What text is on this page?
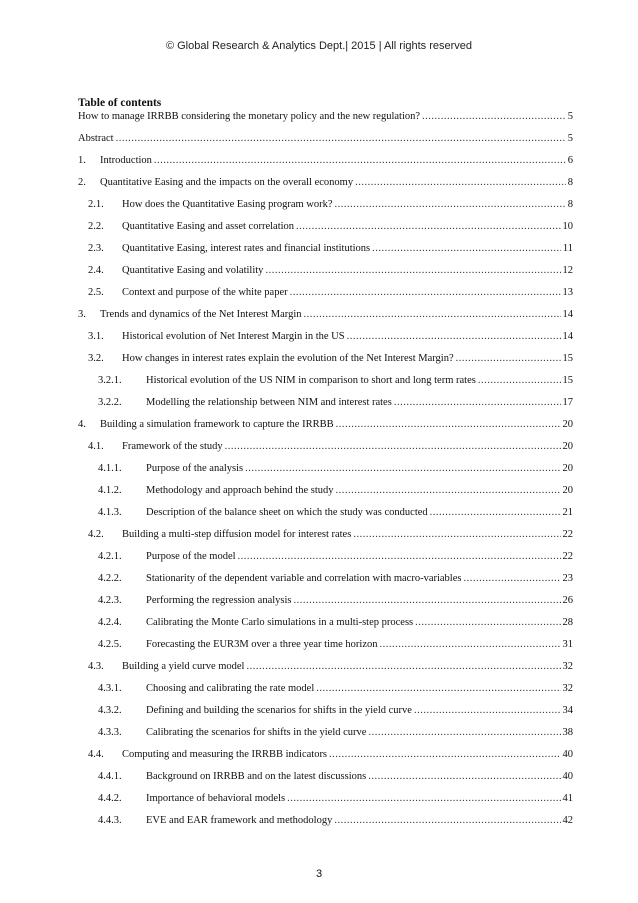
© Global Research & Analytics Dept.| 2015 | All rights reserved
Table of contents
How to manage IRRBB considering the monetary policy and the new regulation? .....	5
Abstract .....	5
1.	Introduction .....	6
2.	Quantitative Easing and the impacts on the overall economy .....	8
2.1.	How does the Quantitative Easing program work? .....	8
2.2.	Quantitative Easing and asset correlation .....	10
2.3.	Quantitative Easing, interest rates and financial institutions .....	11
2.4.	Quantitative Easing and volatility .....	12
2.5.	Context and purpose of the white paper .....	13
3.	Trends and dynamics of the Net Interest Margin .....	14
3.1.	Historical evolution of Net Interest Margin in the US .....	14
3.2.	How changes in interest rates explain the evolution of the Net Interest Margin? .....	15
3.2.1.	Historical evolution of the US NIM in comparison to short and long term rates .....	15
3.2.2.	Modelling the relationship between NIM and interest rates .....	17
4.	Building a simulation framework to capture the IRRBB .....	20
4.1.	Framework of the study .....	20
4.1.1.	Purpose of the analysis .....	20
4.1.2.	Methodology and approach behind the study .....	20
4.1.3.	Description of the balance sheet on which the study was conducted .....	21
4.2.	Building a multi-step diffusion model for interest rates .....	22
4.2.1.	Purpose of the model .....	22
4.2.2.	Stationarity of the dependent variable and correlation with macro-variables .....	23
4.2.3.	Performing the regression analysis .....	26
4.2.4.	Calibrating the Monte Carlo simulations in a multi-step process .....	28
4.2.5.	Forecasting the EUR3M over a three year time horizon .....	31
4.3.	Building a yield curve model .....	32
4.3.1.	Choosing and calibrating the rate model .....	32
4.3.2.	Defining and building the scenarios for shifts in the yield curve .....	34
4.3.3.	Calibrating the scenarios for shifts in the yield curve .....	38
4.4.	Computing and measuring the IRRBB indicators .....	40
4.4.1.	Background on IRRBB and on the latest discussions .....	40
4.4.2.	Importance of behavioral models .....	41
4.4.3.	EVE and EAR framework and methodology .....	42
3
